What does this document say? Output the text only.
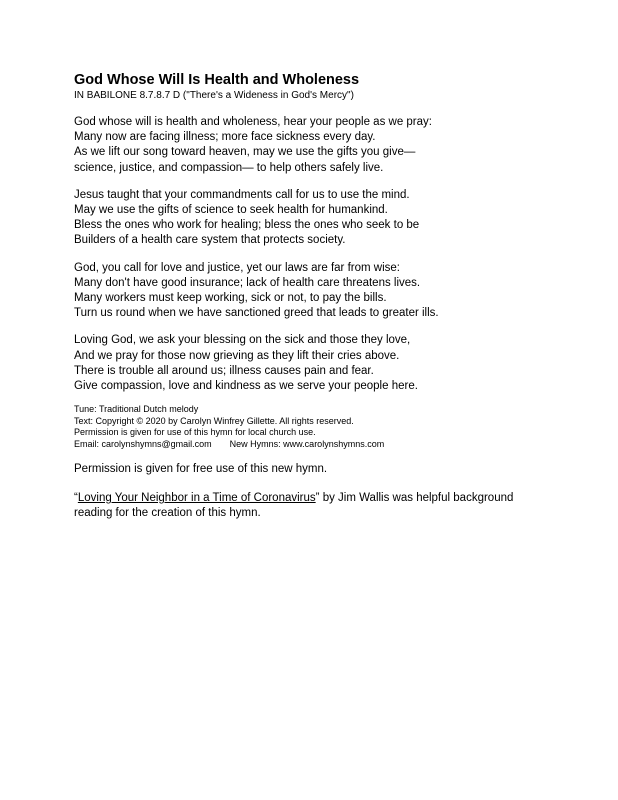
God Whose Will Is Health and Wholeness
IN BABILONE 8.7.8.7 D ("There's a Wideness in God's Mercy")
God whose will is health and wholeness, hear your people as we pray:
Many now are facing illness; more face sickness every day.
As we lift our song toward heaven, may we use the gifts you give—
science, justice, and compassion— to help others safely live.
Jesus taught that your commandments call for us to use the mind.
May we use the gifts of science to seek health for humankind.
Bless the ones who work for healing; bless the ones who seek to be
Builders of a health care system that protects society.
God, you call for love and justice, yet our laws are far from wise:
Many don't have good insurance; lack of health care threatens lives.
Many workers must keep working, sick or not, to pay the bills.
Turn us round when we have sanctioned greed that leads to greater ills.
Loving God, we ask your blessing on the sick and those they love,
And we pray for those now grieving as they lift their cries above.
There is trouble all around us; illness causes pain and fear.
Give compassion, love and kindness as we serve your people here.
Tune: Traditional Dutch melody
Text: Copyright © 2020 by Carolyn Winfrey Gillette. All rights reserved.
Permission is given for use of this hymn for local church use.
Email: carolynshymns@gmail.com New Hymns: www.carolynshymns.com
Permission is given for free use of this new hymn.
“Loving Your Neighbor in a Time of Coronavirus” by Jim Wallis was helpful background reading for the creation of this hymn.
